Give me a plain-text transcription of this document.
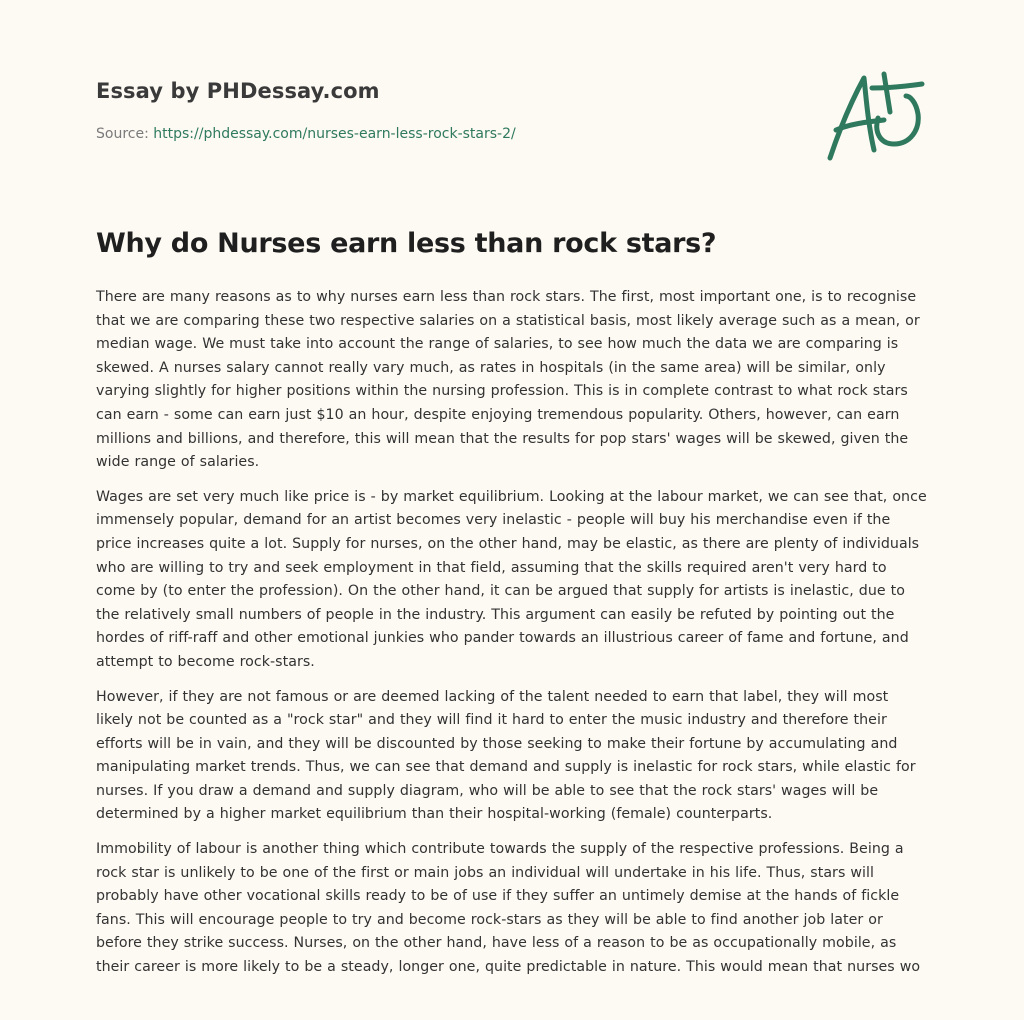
Essay by PHDessay.com
Source: https://phdessay.com/nurses-earn-less-rock-stars-2/
Why do Nurses earn less than rock stars?

There are many reasons as to why nurses earn less than rock stars. The first, most important one, is to recognise that we are comparing these two respective salaries on a statistical basis, most likely average such as a mean, or median wage. We must take into account the range of salaries, to see how much the data we are comparing is skewed. A nurses salary cannot really vary much, as rates in hospitals (in the same area) will be similar, only varying slightly for higher positions within the nursing profession. This is in complete contrast to what rock stars can earn - some can earn just $10 an hour, despite enjoying tremendous popularity. Others, however, can earn millions and billions, and therefore, this will mean that the results for pop stars' wages will be skewed, given the wide range of salaries.

Wages are set very much like price is - by market equilibrium. Looking at the labour market, we can see that, once immensely popular, demand for an artist becomes very inelastic - people will buy his merchandise even if the price increases quite a lot. Supply for nurses, on the other hand, may be elastic, as there are plenty of individuals who are willing to try and seek employment in that field, assuming that the skills required aren't very hard to come by (to enter the profession). On the other hand, it can be argued that supply for artists is inelastic, due to the relatively small numbers of people in the industry. This argument can easily be refuted by pointing out the hordes of riff-raff and other emotional junkies who pander towards an illustrious career of fame and fortune, and attempt to become rock-stars.

However, if they are not famous or are deemed lacking of the talent needed to earn that label, they will most likely not be counted as a "rock star" and they will find it hard to enter the music industry and therefore their efforts will be in vain, and they will be discounted by those seeking to make their fortune by accumulating and manipulating market trends. Thus, we can see that demand and supply is inelastic for rock stars, while elastic for nurses. If you draw a demand and supply diagram, who will be able to see that the rock stars' wages will be determined by a higher market equilibrium than their hospital-working (female) counterparts.

Immobility of labour is another thing which contribute towards the supply of the respective professions. Being a rock star is unlikely to be one of the first or main jobs an individual will undertake in his life. Thus, stars will probably have other vocational skills ready to be of use if they suffer an untimely demise at the hands of fickle fans. This will encourage people to try and become rock-stars as they will be able to find another job later or before they strike success. Nurses, on the other hand, have less of a reason to be as occupationally mobile, as their career is more likely to be a steady, longer one, quite predictable in nature. This would mean that nurses wo
